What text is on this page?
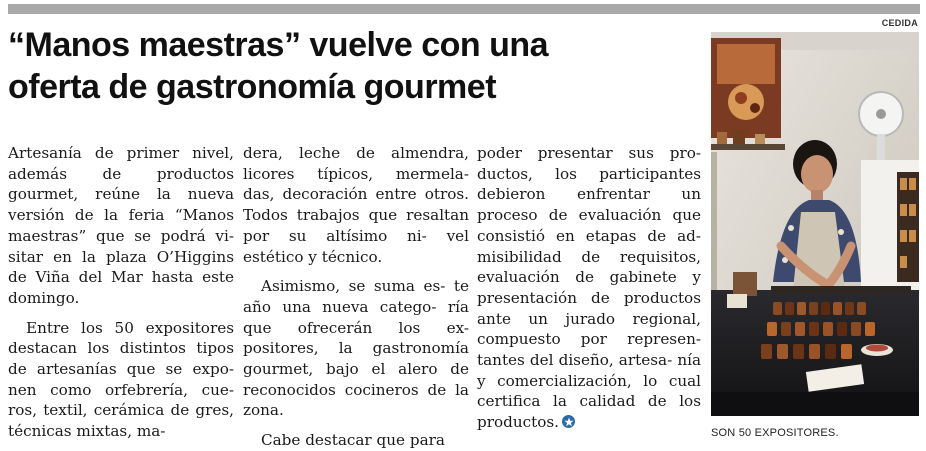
CEDIDA
“Manos maestras” vuelve con una
oferta de gastronomía gourmet

Artesanía de primer nivel, además de productos gourmet, reúne la nueva versión de la feria “Manos maestras” que se podrá vi- sitar en la plaza O’Higgins de Viña del Mar hasta este domingo.

Entre los 50 expositores destacan los distintos tipos de artesanías que se expo- nen como orfebrería, cue- ros, textil, cerámica de gres, técnicas mixtas, ma-

dera, leche de almendra, licores típicos, mermela- das, decoración entre otros. Todos trabajos que resaltan por su altísimo ni- vel estético y técnico.

Asimismo, se suma es- te año una nueva catego- ría que ofrecerán los ex- positores, la gastronomía gourmet, bajo el alero de reconocidos cocineros de la zona.

Cabe destacar que para

poder presentar sus pro- ductos, los participantes debieron enfrentar un proceso de evaluación que consistió en etapas de ad- misibilidad de requisitos, evaluación de gabinete y presentación de productos ante un jurado regional, compuesto por represen- tantes del diseño, artesa- nía y comercialización, lo cual certifica la calidad de los productos.

SON 50 EXPOSITORES.
